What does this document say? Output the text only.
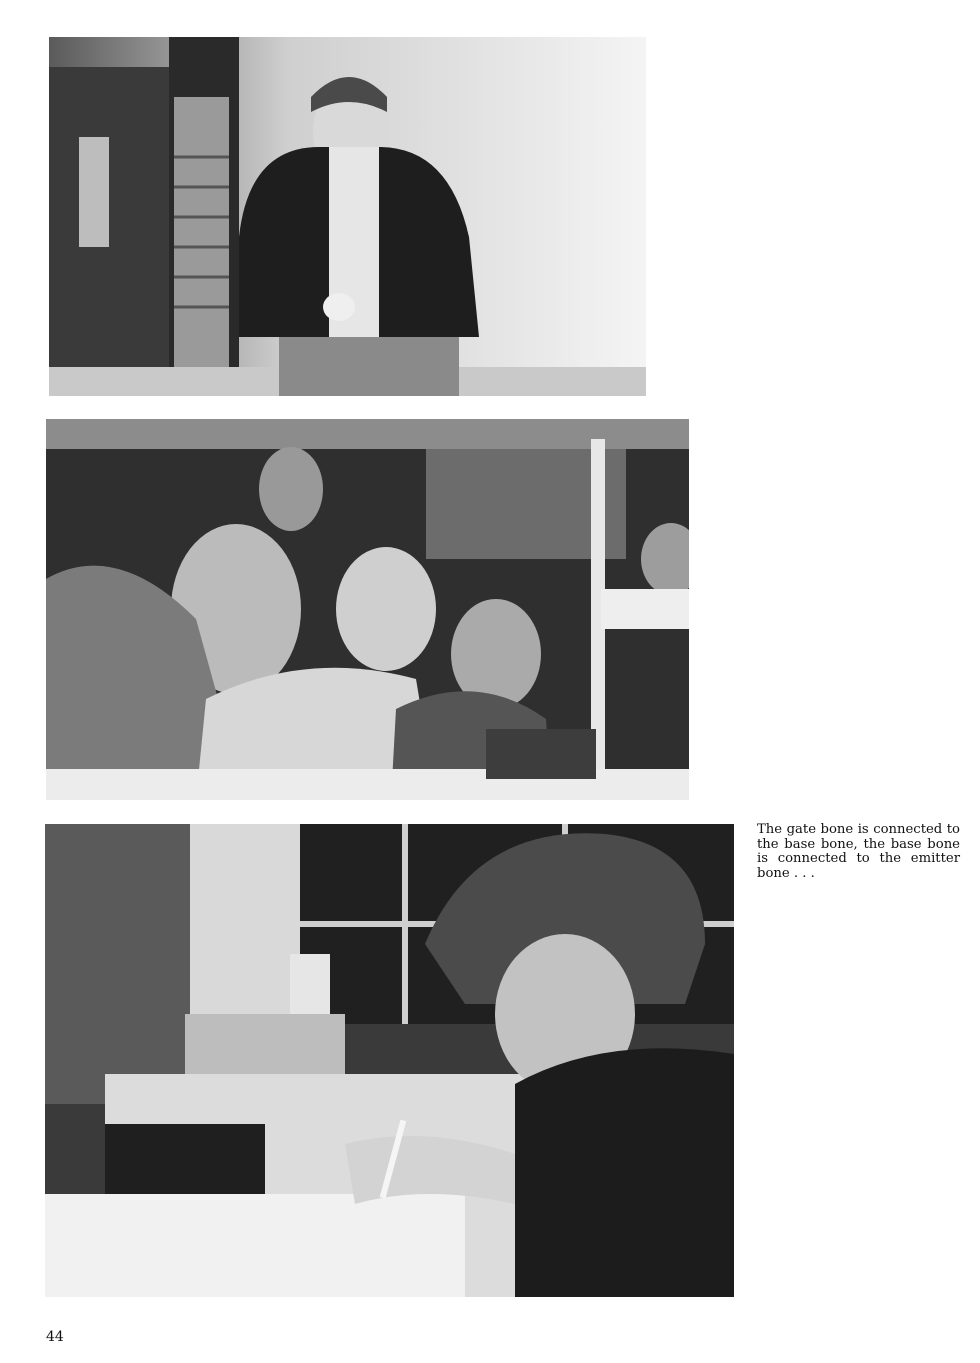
The gate bone is connected to the base bone, the base bone is connected to the emitter bone . . .
44
